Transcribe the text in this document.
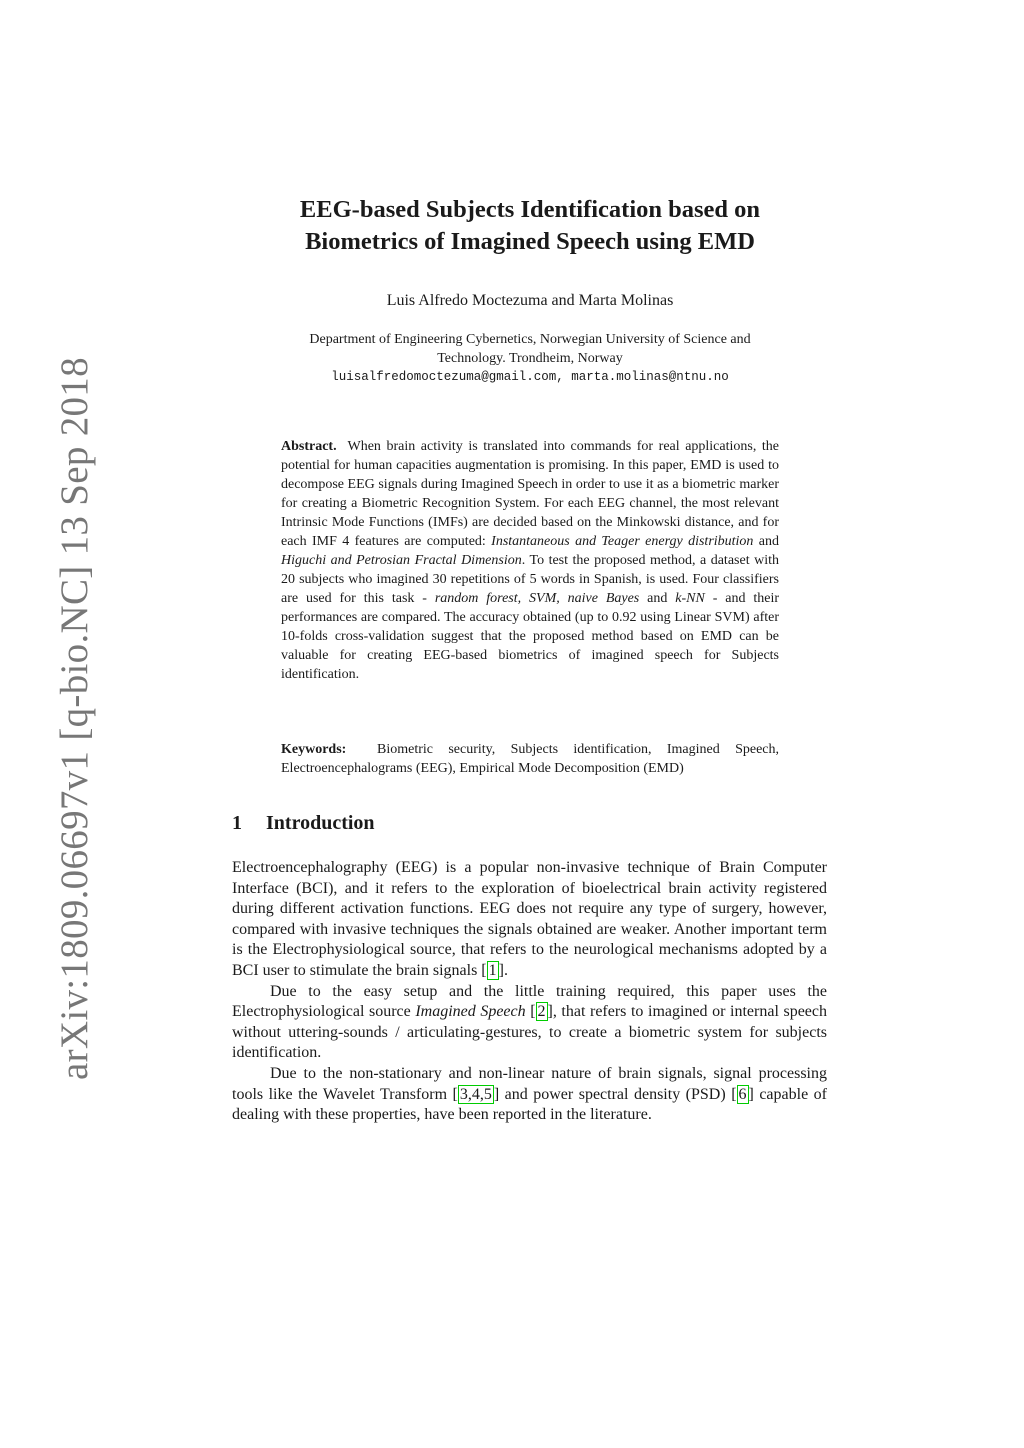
arXiv:1809.06697v1 [q-bio.NC] 13 Sep 2018
EEG-based Subjects Identification based on
Biometrics of Imagined Speech using EMD
Luis Alfredo Moctezuma and Marta Molinas
Department of Engineering Cybernetics, Norwegian University of Science and
Technology. Trondheim, Norway
luisalfredomoctezuma@gmail.com, marta.molinas@ntnu.no
Abstract. When brain activity is translated into commands for real applications, the potential for human capacities augmentation is promising. In this paper, EMD is used to decompose EEG signals during Imagined Speech in order to use it as a biometric marker for creating a Biometric Recognition System. For each EEG channel, the most relevant Intrinsic Mode Functions (IMFs) are decided based on the Minkowski distance, and for each IMF 4 features are computed: Instantaneous and Teager energy distribution and Higuchi and Petrosian Fractal Dimension. To test the proposed method, a dataset with 20 subjects who imagined 30 repetitions of 5 words in Spanish, is used. Four classifiers are used for this task - random forest, SVM, naive Bayes and k-NN - and their performances are compared. The accuracy obtained (up to 0.92 using Linear SVM) after 10-folds cross-validation suggest that the proposed method based on EMD can be valuable for creating EEG-based biometrics of imagined speech for Subjects identification.
Keywords: Biometric security, Subjects identification, Imagined Speech, Electroencephalograms (EEG), Empirical Mode Decomposition (EMD)
1 Introduction

Electroencephalography (EEG) is a popular non-invasive technique of Brain Computer Interface (BCI), and it refers to the exploration of bioelectrical brain activity registered during different activation functions. EEG does not require any type of surgery, however, compared with invasive techniques the signals obtained are weaker. Another important term is the Electrophysiological source, that refers to the neurological mechanisms adopted by a BCI user to stimulate the brain signals [ 1 ].

Due to the easy setup and the little training required, this paper uses the Electrophysiological source Imagined Speech [ 2 ], that refers to imagined or internal speech without uttering-sounds / articulating-gestures, to create a biometric system for subjects identification.

Due to the non-stationary and non-linear nature of brain signals, signal processing tools like the Wavelet Transform [ 3,4,5 ] and power spectral density (PSD) [ 6 ] capable of dealing with these properties, have been reported in the literature.
